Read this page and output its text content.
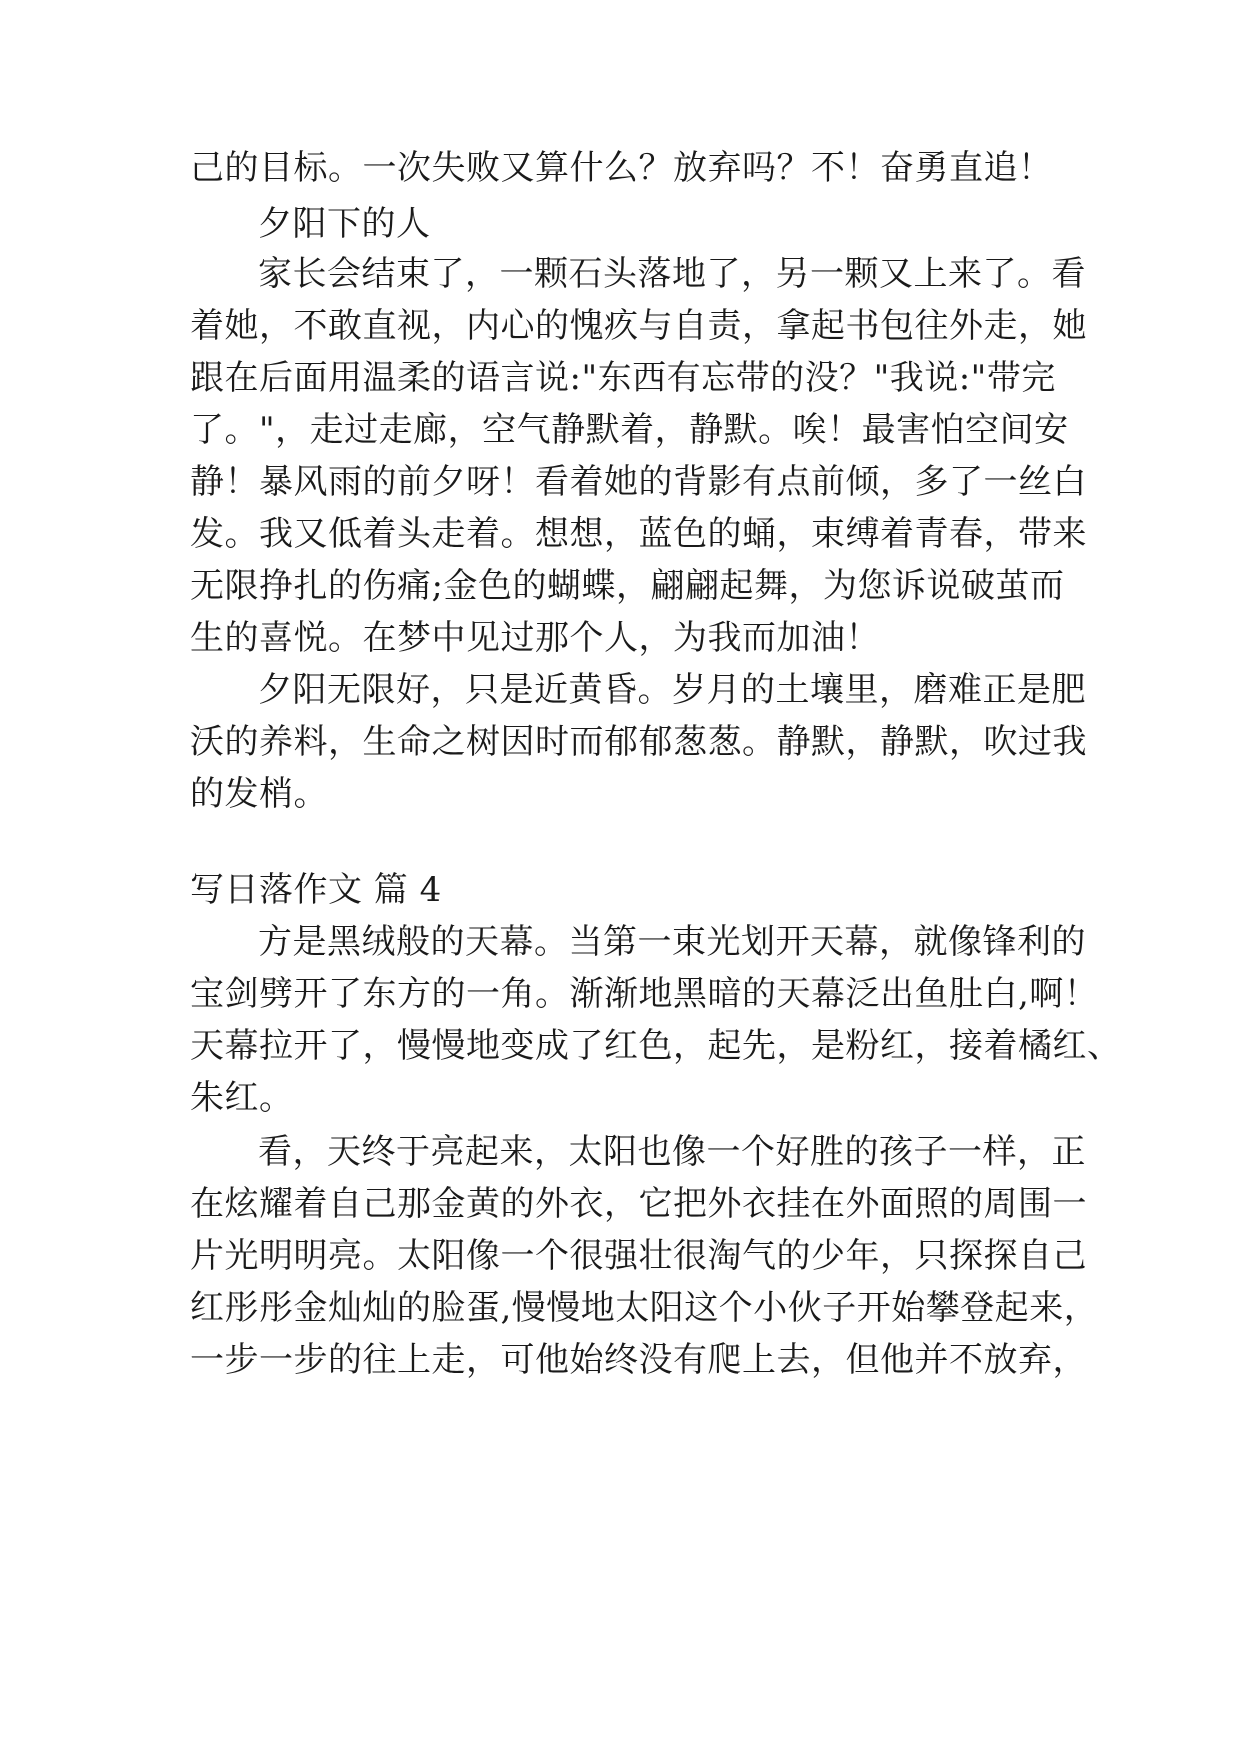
己的目标。一次失败又算什么？放弃吗？不！奋勇直追！
夕阳下的人
家长会结束了，一颗石头落地了，另一颗又上来了。看
着她，不敢直视，内心的愧疚与自责，拿起书包往外走，她
跟在后面用温柔的语言说:"东西有忘带的没？"我说:"带完
了。"，走过走廊，空气静默着，静默。唉！最害怕空间安
静！暴风雨的前夕呀！看着她的背影有点前倾，多了一丝白
发。我又低着头走着。想想，蓝色的蛹，束缚着青春，带来
无限挣扎的伤痛;金色的蝴蝶，翩翩起舞，为您诉说破茧而
生的喜悦。在梦中见过那个人，为我而加油！
夕阳无限好，只是近黄昏。岁月的土壤里，磨难正是肥
沃的养料，生命之树因时而郁郁葱葱。静默，静默，吹过我
的发梢。
写日落作文 篇 4
方是黑绒般的天幕。当第一束光划开天幕，就像锋利的
宝剑劈开了东方的一角。渐渐地黑暗的天幕泛出鱼肚白,啊！
天幕拉开了，慢慢地变成了红色，起先，是粉红，接着橘红、
朱红。
看，天终于亮起来，太阳也像一个好胜的孩子一样，正
在炫耀着自己那金黄的外衣，它把外衣挂在外面照的周围一
片光明明亮。太阳像一个很强壮很淘气的少年，只探探自己
红彤彤金灿灿的脸蛋,慢慢地太阳这个小伙子开始攀登起来，
一步一步的往上走，可他始终没有爬上去，但他并不放弃，
